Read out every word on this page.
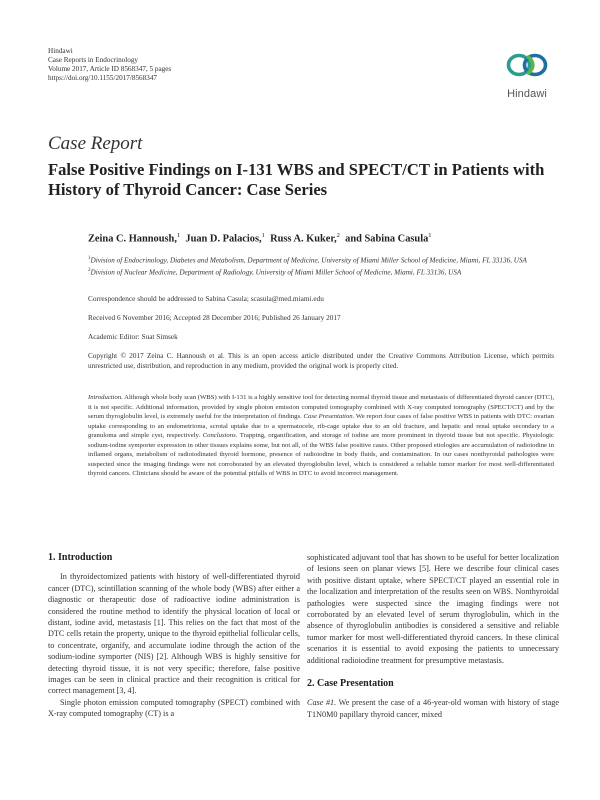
Hindawi
Case Reports in Endocrinology
Volume 2017, Article ID 8568347, 5 pages
https://doi.org/10.1155/2017/8568347
Hindawi
Case Report
False Positive Findings on I-131 WBS and SPECT/CT in Patients with History of Thyroid Cancer: Case Series
Zeina C. Hannoush,$^1$ Juan D. Palacios,$^1$ Russ A. Kuker,$^2$ and Sabina Casula$^1$
$^1$Division of Endocrinology, Diabetes and Metabolism, Department of Medicine, University of Miami Miller School of Medicine, Miami, FL 33136, USA
$^2$Division of Nuclear Medicine, Department of Radiology, University of Miami Miller School of Medicine, Miami, FL 33136, USA
Correspondence should be addressed to Sabina Casula; scasula@med.miami.edu
Received 6 November 2016; Accepted 28 December 2016; Published 26 January 2017
Academic Editor: Suat Simsek

Copyright © 2017 Zeina C. Hannoush et al. This is an open access article distributed under the Creative Commons Attribution License, which permits unrestricted use, distribution, and reproduction in any medium, provided the original work is properly cited.

Introduction. Although whole body scan (WBS) with I-131 is a highly sensitive tool for detecting normal thyroid tissue and metastasis of differentiated thyroid cancer (DTC), it is not specific. Additional information, provided by single photon emission computed tomography combined with X-ray computed tomography (SPECT/CT) and by the serum thyroglobulin level, is extremely useful for the interpretation of findings. Case Presentation. We report four cases of false positive WBS in patients with DTC: ovarian uptake corresponding to an endometrioma, scrotal uptake due to a spermatocele, rib-cage uptake due to an old fracture, and hepatic and renal uptake secondary to a granuloma and simple cyst, respectively. Conclusions. Trapping, organification, and storage of iodine are more prominent in thyroid tissue but not specific. Physiologic sodium-iodine symporter expression in other tissues explains some, but not all, of the WBS false positive cases. Other proposed etiologies are accumulation of radioiodine in inflamed organs, metabolism of radioiodinated thyroid hormone, presence of radioiodine in body fluids, and contamination. In our cases nonthyroidal pathologies were suspected since the imaging findings were not corroborated by an elevated thyroglobulin level, which is considered a reliable tumor marker for most well-differentiated thyroid cancers. Clinicians should be aware of the potential pitfalls of WBS in DTC to avoid incorrect management.

1. Introduction

In thyroidectomized patients with history of well-differentiated thyroid cancer (DTC), scintillation scanning of the whole body (WBS) after either a diagnostic or therapeutic dose of radioactive iodine administration is considered the routine method to identify the physical location of local or distant, iodine avid, metastasis [1]. This relies on the fact that most of the DTC cells retain the property, unique to the thyroid epithelial follicular cells, to concentrate, organify, and accumulate iodine through the action of the sodium-iodine symporter (NIS) [2]. Although WBS is highly sensitive for detecting thyroid tissue, it is not very specific; therefore, false positive images can be seen in clinical practice and their recognition is critical for correct management [3, 4].

Single photon emission computed tomography (SPECT) combined with X-ray computed tomography (CT) is a

sophisticated adjuvant tool that has shown to be useful for better localization of lesions seen on planar views [5]. Here we describe four clinical cases with positive distant uptake, where SPECT/CT played an essential role in the localization and interpretation of the results seen on WBS. Nonthyroidal pathologies were suspected since the imaging findings were not corroborated by an elevated level of serum thyroglobulin, which in the absence of thyroglobulin antibodies is considered a sensitive and reliable tumor marker for most well-differentiated thyroid cancers. In these clinical scenarios it is essential to avoid exposing the patients to unnecessary additional radioiodine treatment for presumptive metastasis.

2. Case Presentation

Case #1. We present the case of a 46-year-old woman with history of stage T1N0M0 papillary thyroid cancer, mixed
